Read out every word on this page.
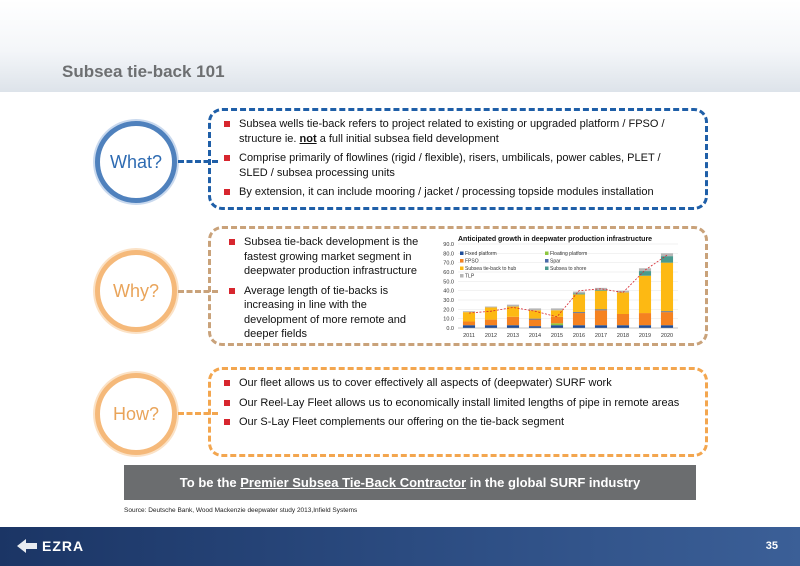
Subsea tie-back 101
What?
Subsea wells tie-back refers to project related to existing or upgraded platform / FPSO / structure ie. not a full initial subsea field development
Comprise primarily of flowlines (rigid / flexible), risers, umbilicals, power cables, PLET / SLED / subsea processing units
By extension, it can include mooring / jacket / processing topside modules installation
Why?
Subsea tie-back development is the fastest growing market segment in deepwater production infrastructure
Average length of tie-backs is increasing in line with the development of more remote and deeper fields
Anticipated growth in deepwater production infrastructure
0.0
10.0
20.0
30.0
40.0
50.0
60.0
70.0
80.0
90.0
2011 2012 2013 2014 2015 2016 2017 2018 2019 2020
Fixed platform	Floating platform
FPSO	Spar
Subsea tie-back to hub	Subsea to shore
TLP
How?
Our fleet allows us to cover effectively all aspects of (deepwater) SURF work
Our Reel-Lay Fleet allows us to economically install limited lengths of pipe in remote areas
Our S-Lay Fleet complements our offering on the tie-back segment
To be the Premier Subsea Tie-Back Contractor in the global SURF industry
Source: Deutsche Bank, Wood Mackenzie deepwater study 2013,Infield Systems
EZRA	35
